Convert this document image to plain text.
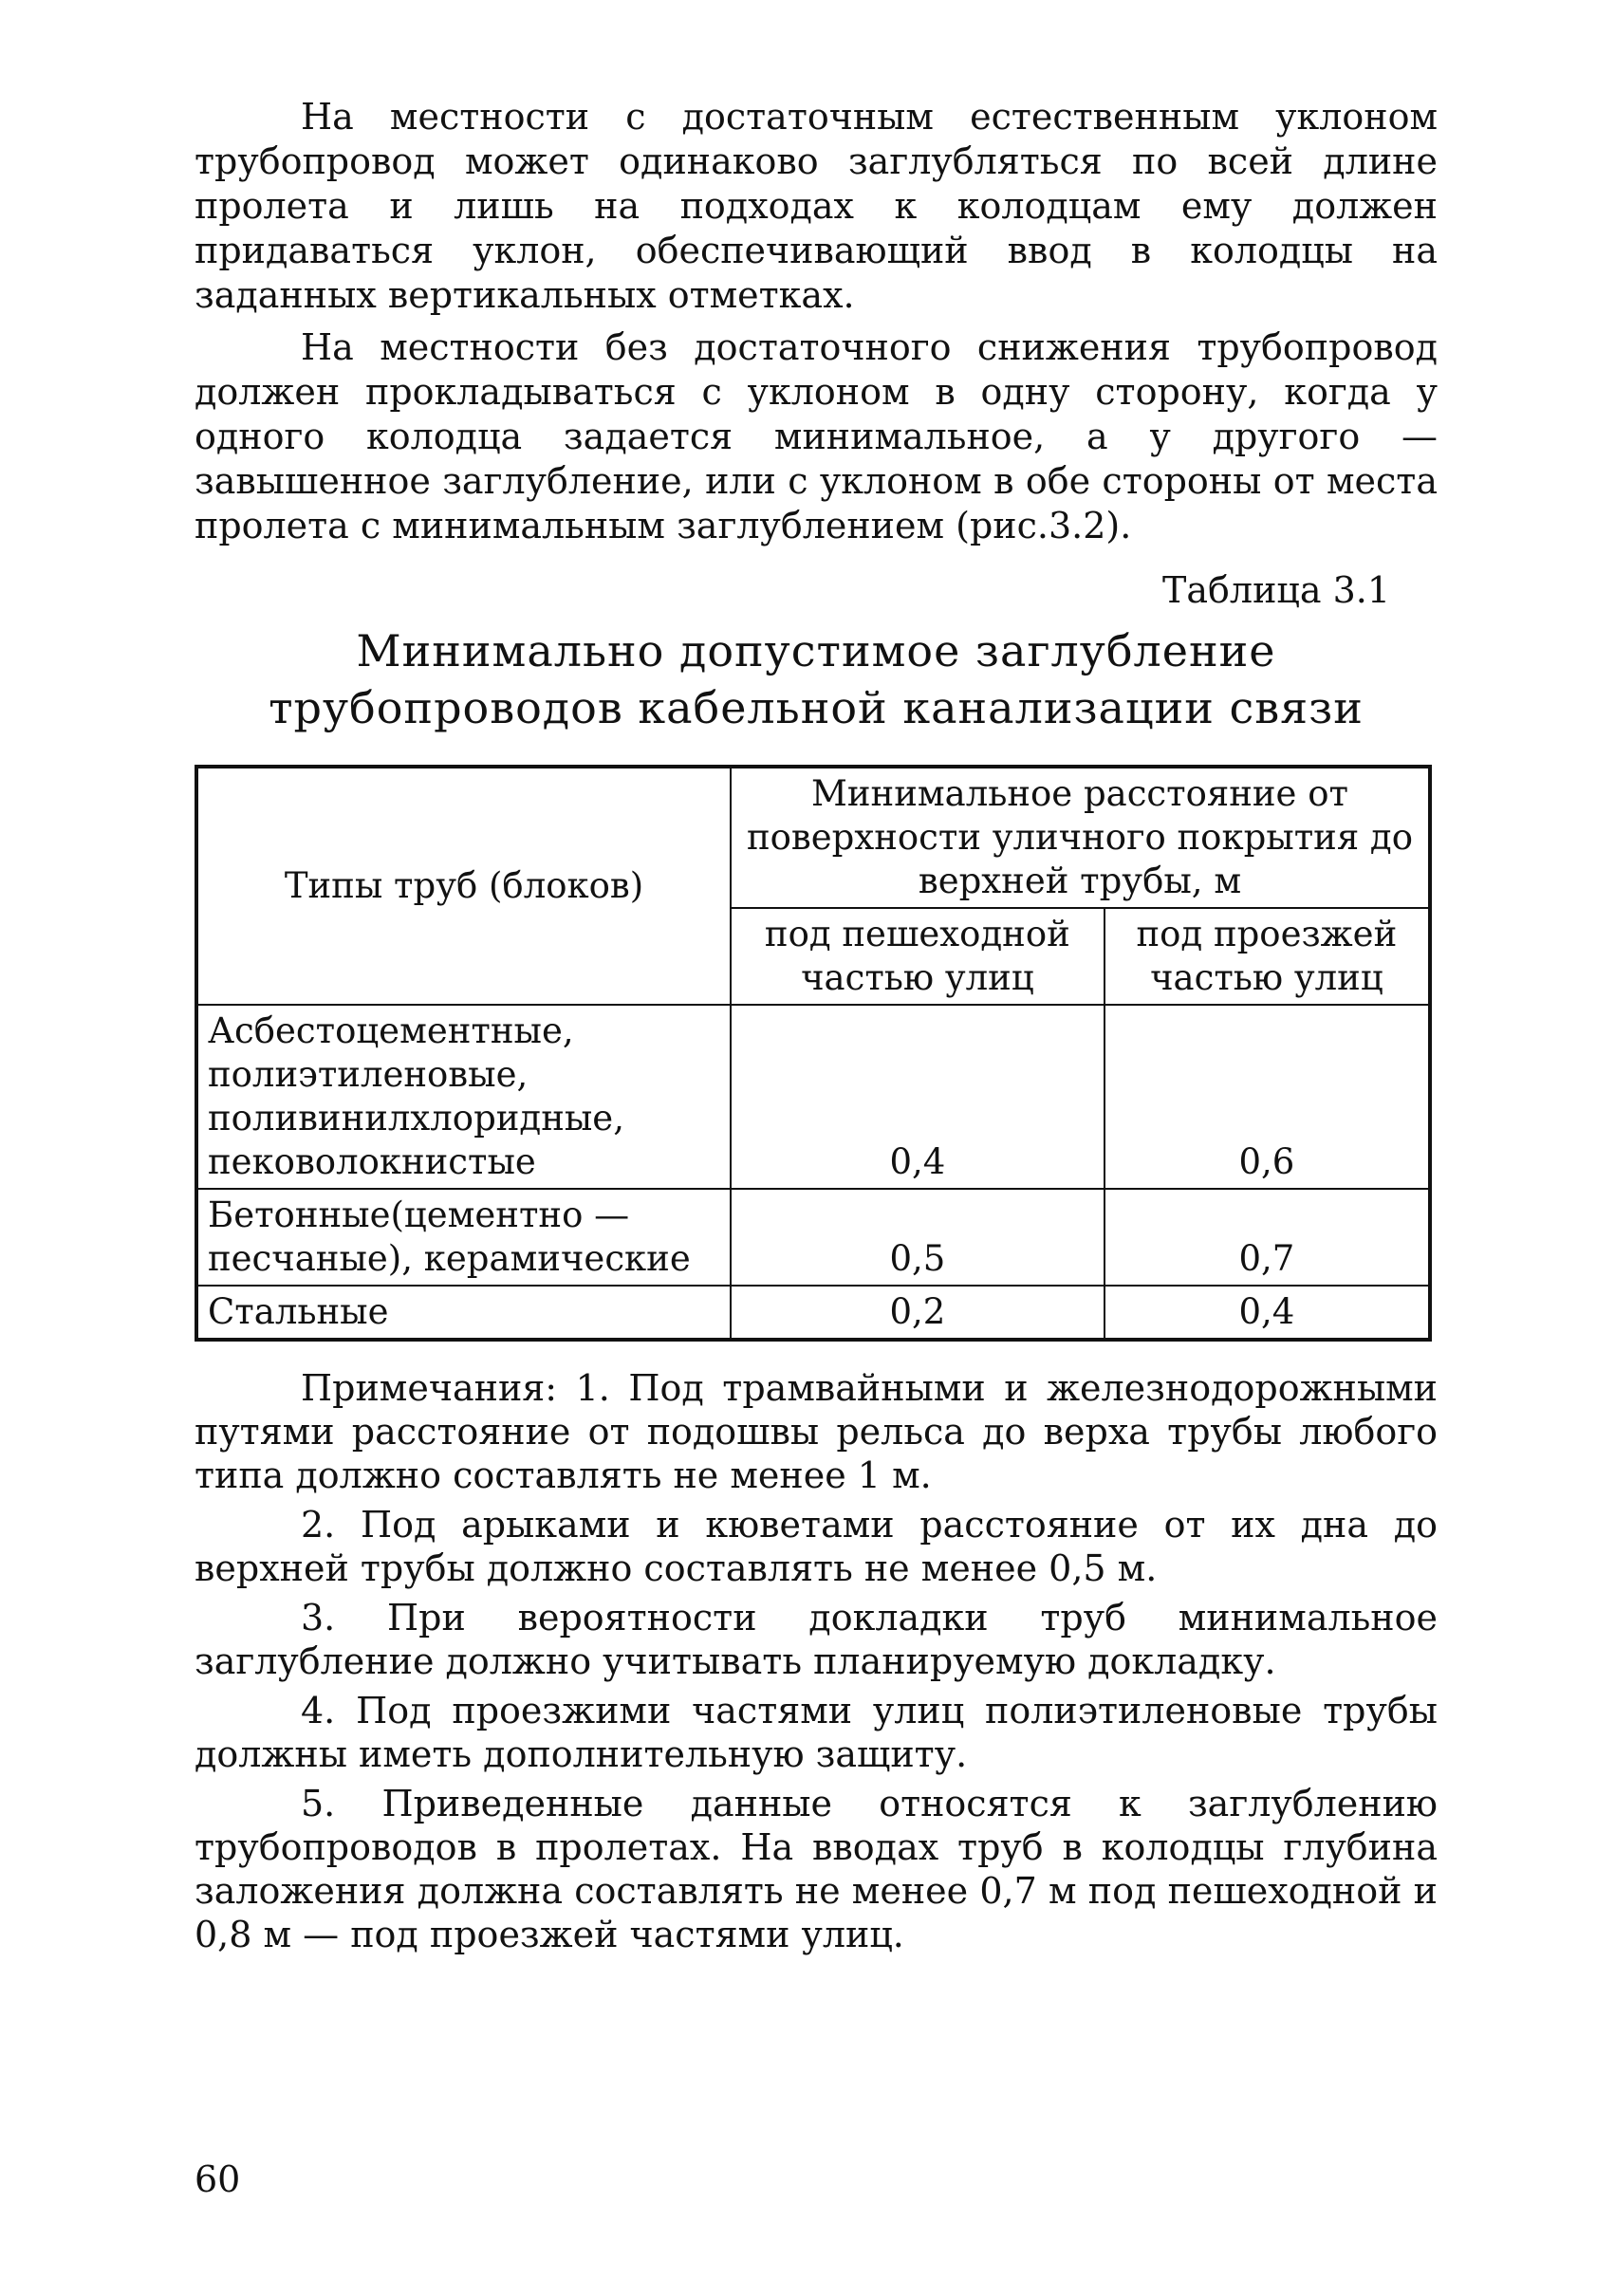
На местности с достаточным естественным уклоном трубопровод может одинаково заглубляться по всей длине пролета и лишь на подходах к колодцам ему должен придаваться уклон, обеспечивающий ввод в колодцы на заданных вертикальных отметках.

На местности без достаточного снижения трубопровод должен прокладываться с уклоном в одну сторону, когда у одного колодца задается минимальное, а у другого — завышенное заглубление, или с уклоном в обе стороны от места пролета с минимальным заглублением (рис.3.2).

Таблица 3.1
Минимально допустимое заглубление
трубопроводов кабельной канализации связи
Типы труб (блоков)	Минимальное расстояние от поверхности уличного покрытия до верхней трубы, м	
	под пешеходной частью улиц	под проезжей частью улиц
Асбестоцементные, полиэтиленовые, поливинилхлоридные, пековолокнистые	0,4	0,6
Бетонные(цементно — песчаные), керамические	0,5	0,7
Стальные	0,2	0,4

Примечания: 1. Под трамвайными и железнодорожными путями расстояние от подошвы рельса до верха трубы любого типа должно составлять не менее 1 м.

2. Под арыками и кюветами расстояние от их дна до верхней трубы должно составлять не менее 0,5 м.

3. При вероятности докладки труб минимальное заглубление должно учитывать планируемую докладку.

4. Под проезжими частями улиц полиэтиленовые трубы должны иметь дополнительную защиту.

5. Приведенные данные относятся к заглублению трубопроводов в пролетах. На вводах труб в колодцы глубина заложения должна составлять не менее 0,7 м под пешеходной и 0,8 м — под проезжей частями улиц.

60
